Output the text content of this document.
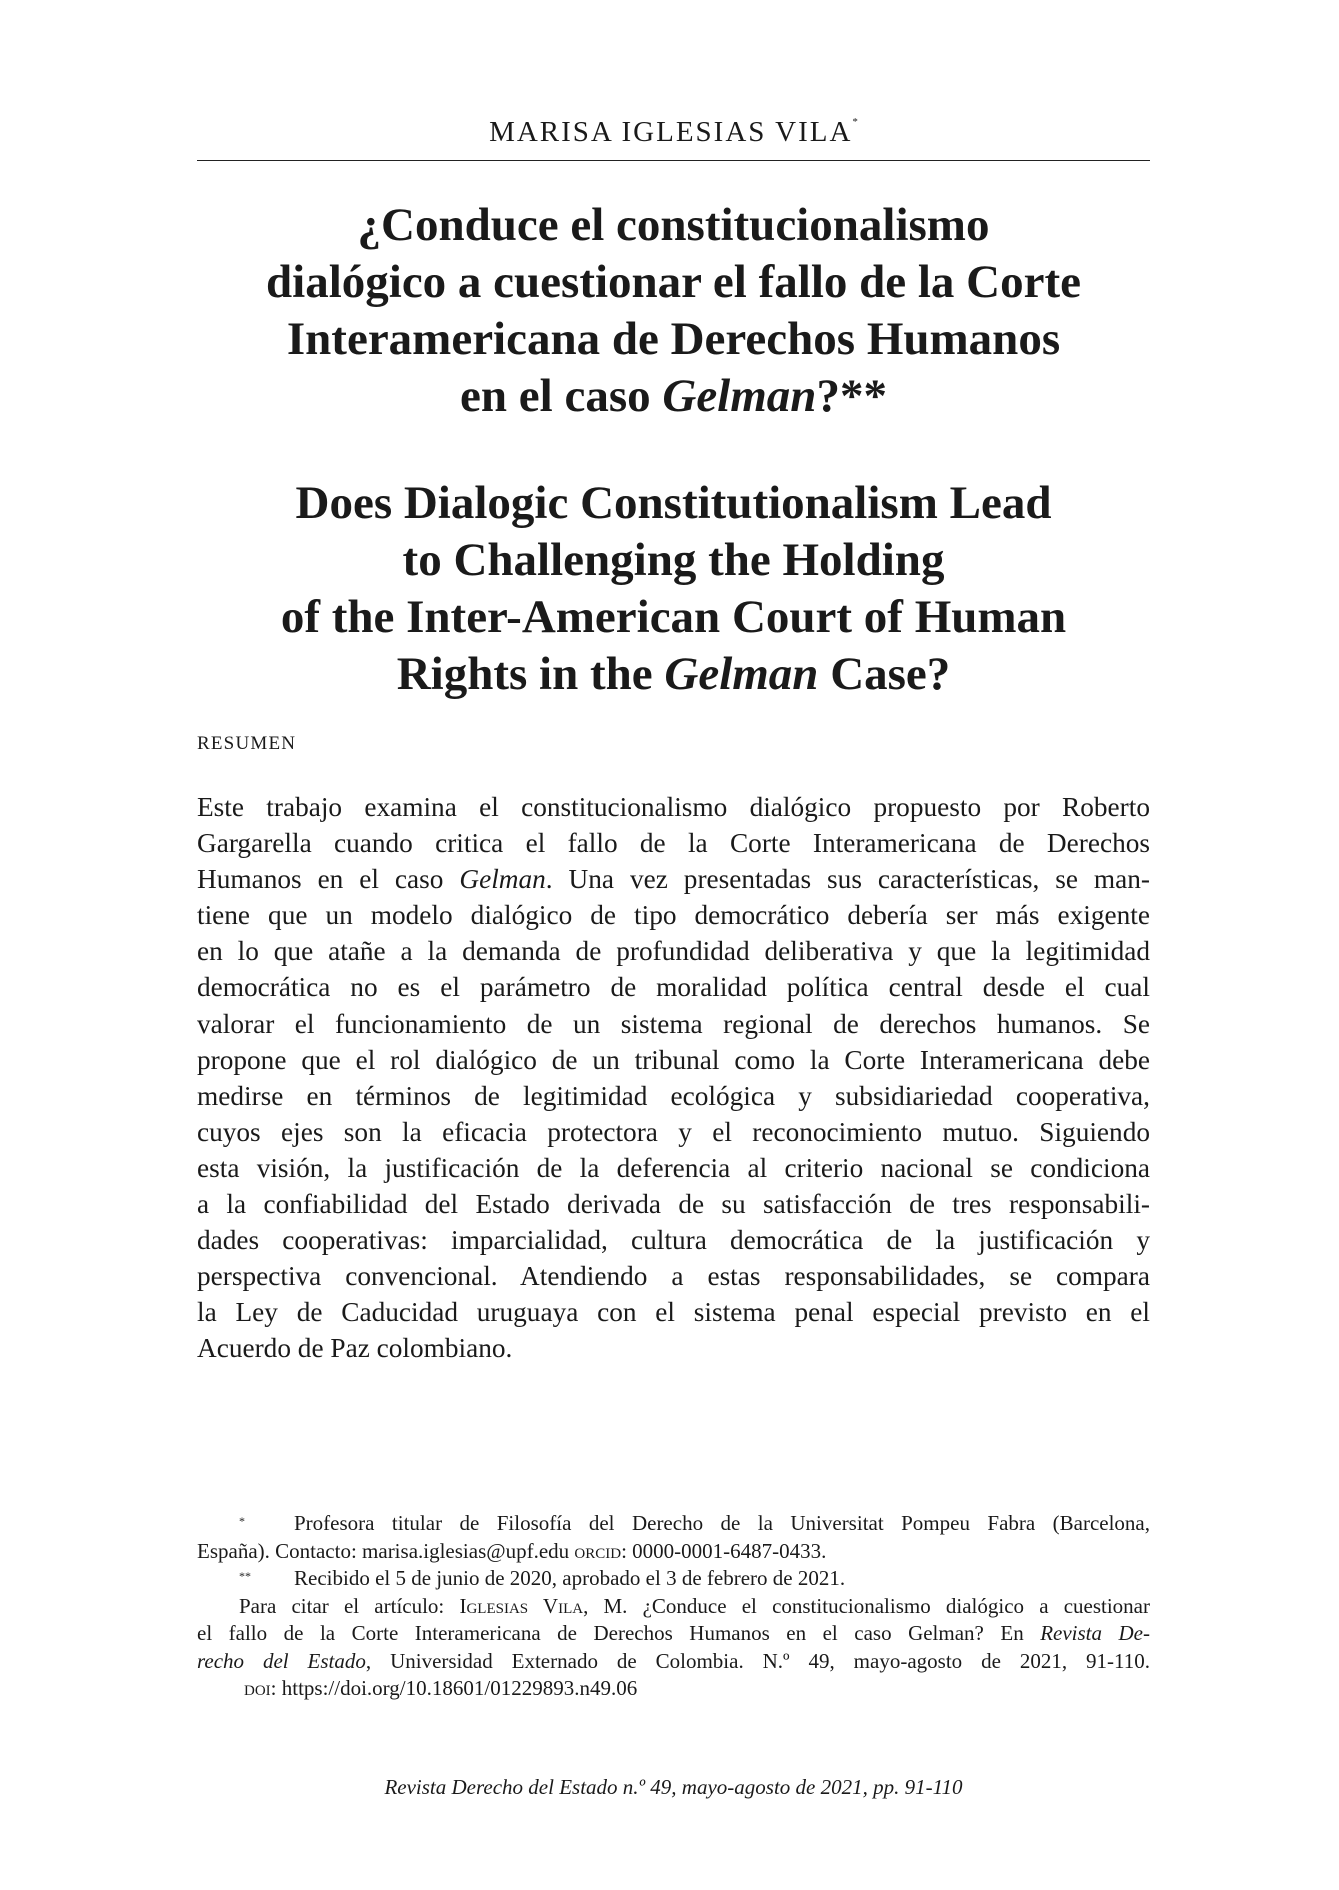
MARISA IGLESIAS VILA*
¿Conduce el constitucionalismo
dialógico a cuestionar el fallo de la Corte
Interamericana de Derechos Humanos
en el caso Gelman?**
Does Dialogic Constitutionalism Lead
to Challenging the Holding
of the Inter-American Court of Human
Rights in the Gelman Case?
RESUMEN

Este trabajo examina el constitucionalismo dialógico propuesto por Roberto
Gargarella cuando critica el fallo de la Corte Interamericana de Derechos
Humanos en el caso Gelman. Una vez presentadas sus características, se man-
tiene que un modelo dialógico de tipo democrático debería ser más exigente
en lo que atañe a la demanda de profundidad deliberativa y que la legitimidad
democrática no es el parámetro de moralidad política central desde el cual
valorar el funcionamiento de un sistema regional de derechos humanos. Se
propone que el rol dialógico de un tribunal como la Corte Interamericana debe
medirse en términos de legitimidad ecológica y subsidiariedad cooperativa,
cuyos ejes son la eficacia protectora y el reconocimiento mutuo. Siguiendo
esta visión, la justificación de la deferencia al criterio nacional se condiciona
a la confiabilidad del Estado derivada de su satisfacción de tres responsabili-
dades cooperativas: imparcialidad, cultura democrática de la justificación y
perspectiva convencional. Atendiendo a estas responsabilidades, se compara
la Ley de Caducidad uruguaya con el sistema penal especial previsto en el
Acuerdo de Paz colombiano.

*	Profesora titular de Filosofía del Derecho de la Universitat Pompeu Fabra (Barcelona,
España). Contacto: marisa.iglesias@upf.edu orcid: 0000-0001-6487-0433.
**	Recibido el 5 de junio de 2020, aprobado el 3 de febrero de 2021.
Para citar el artículo: Iglesias Vila, M. ¿Conduce el constitucionalismo dialógico a cuestionar
el fallo de la Corte Interamericana de Derechos Humanos en el caso Gelman? En Revista De-
recho del Estado, Universidad Externado de Colombia. N.º 49, mayo-agosto de 2021, 91-110.
doi: https://doi.org/10.18601/01229893.n49.06
Revista Derecho del Estado n.º 49, mayo-agosto de 2021, pp. 91-110
